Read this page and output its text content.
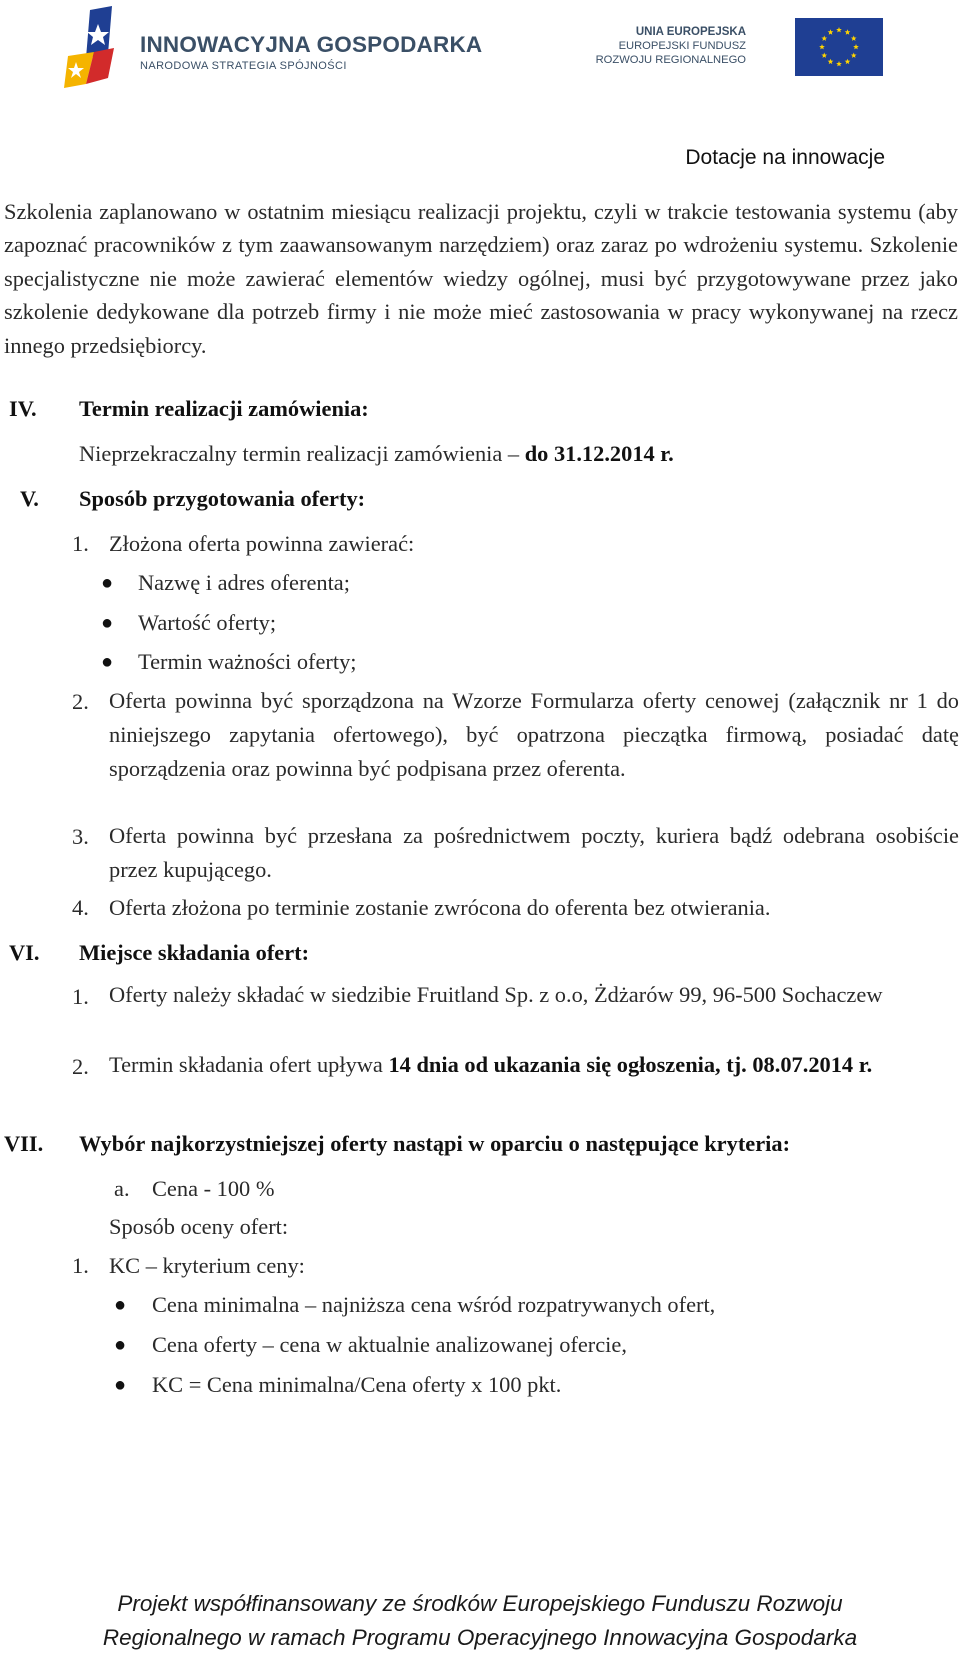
INNOWACYJNA GOSPODARKA
NARODOWA STRATEGIA SPÓJNOŚCI
UNIA EUROPEJSKA
EUROPEJSKI FUNDUSZ
ROZWOJU REGIONALNEGO
Dotacje na innowacje
Szkolenia zaplanowano w ostatnim miesiącu realizacji projektu, czyli w trakcie testowania systemu (aby zapoznać pracowników z tym zaawansowanym narzędziem) oraz zaraz po wdrożeniu systemu. Szkolenie specjalistyczne nie może zawierać elementów wiedzy ogólnej, musi być przygotowywane przez jako szkolenie dedykowane dla potrzeb firmy i nie może mieć zastosowania w pracy wykonywanej na rzecz innego przedsiębiorcy.
IV. Termin realizacji zamówienia:
Nieprzekraczalny termin realizacji zamówienia – do 31.12.2014 r.
V. Sposób przygotowania oferty:
1. Złożona oferta powinna zawierać:
● Nazwę i adres oferenta;
● Wartość oferty;
● Termin ważności oferty;
2. Oferta powinna być sporządzona na Wzorze Formularza oferty cenowej (załącznik nr 1 do niniejszego zapytania ofertowego), być opatrzona pieczątka firmową, posiadać datę sporządzenia oraz powinna być podpisana przez oferenta.
3. Oferta powinna być przesłana za pośrednictwem poczty, kuriera bądź odebrana osobiście przez kupującego.
4. Oferta złożona po terminie zostanie zwrócona do oferenta bez otwierania.
VI. Miejsce składania ofert:
1. Oferty należy składać w siedzibie Fruitland Sp. z o.o, Żdżarów 99, 96-500 Sochaczew
2. Termin składania ofert upływa 14 dnia od ukazania się ogłoszenia, tj. 08.07.2014 r.
VII. Wybór najkorzystniejszej oferty nastąpi w oparciu o następujące kryteria:
a. Cena - 100 %
Sposób oceny ofert:
1. KC – kryterium ceny:
● Cena minimalna – najniższa cena wśród rozpatrywanych ofert,
● Cena oferty – cena w aktualnie analizowanej ofercie,
● KC = Cena minimalna/Cena oferty x 100 pkt.
Projekt współfinansowany ze środków Europejskiego Funduszu Rozwoju
Regionalnego w ramach Programu Operacyjnego Innowacyjna Gospodarka
